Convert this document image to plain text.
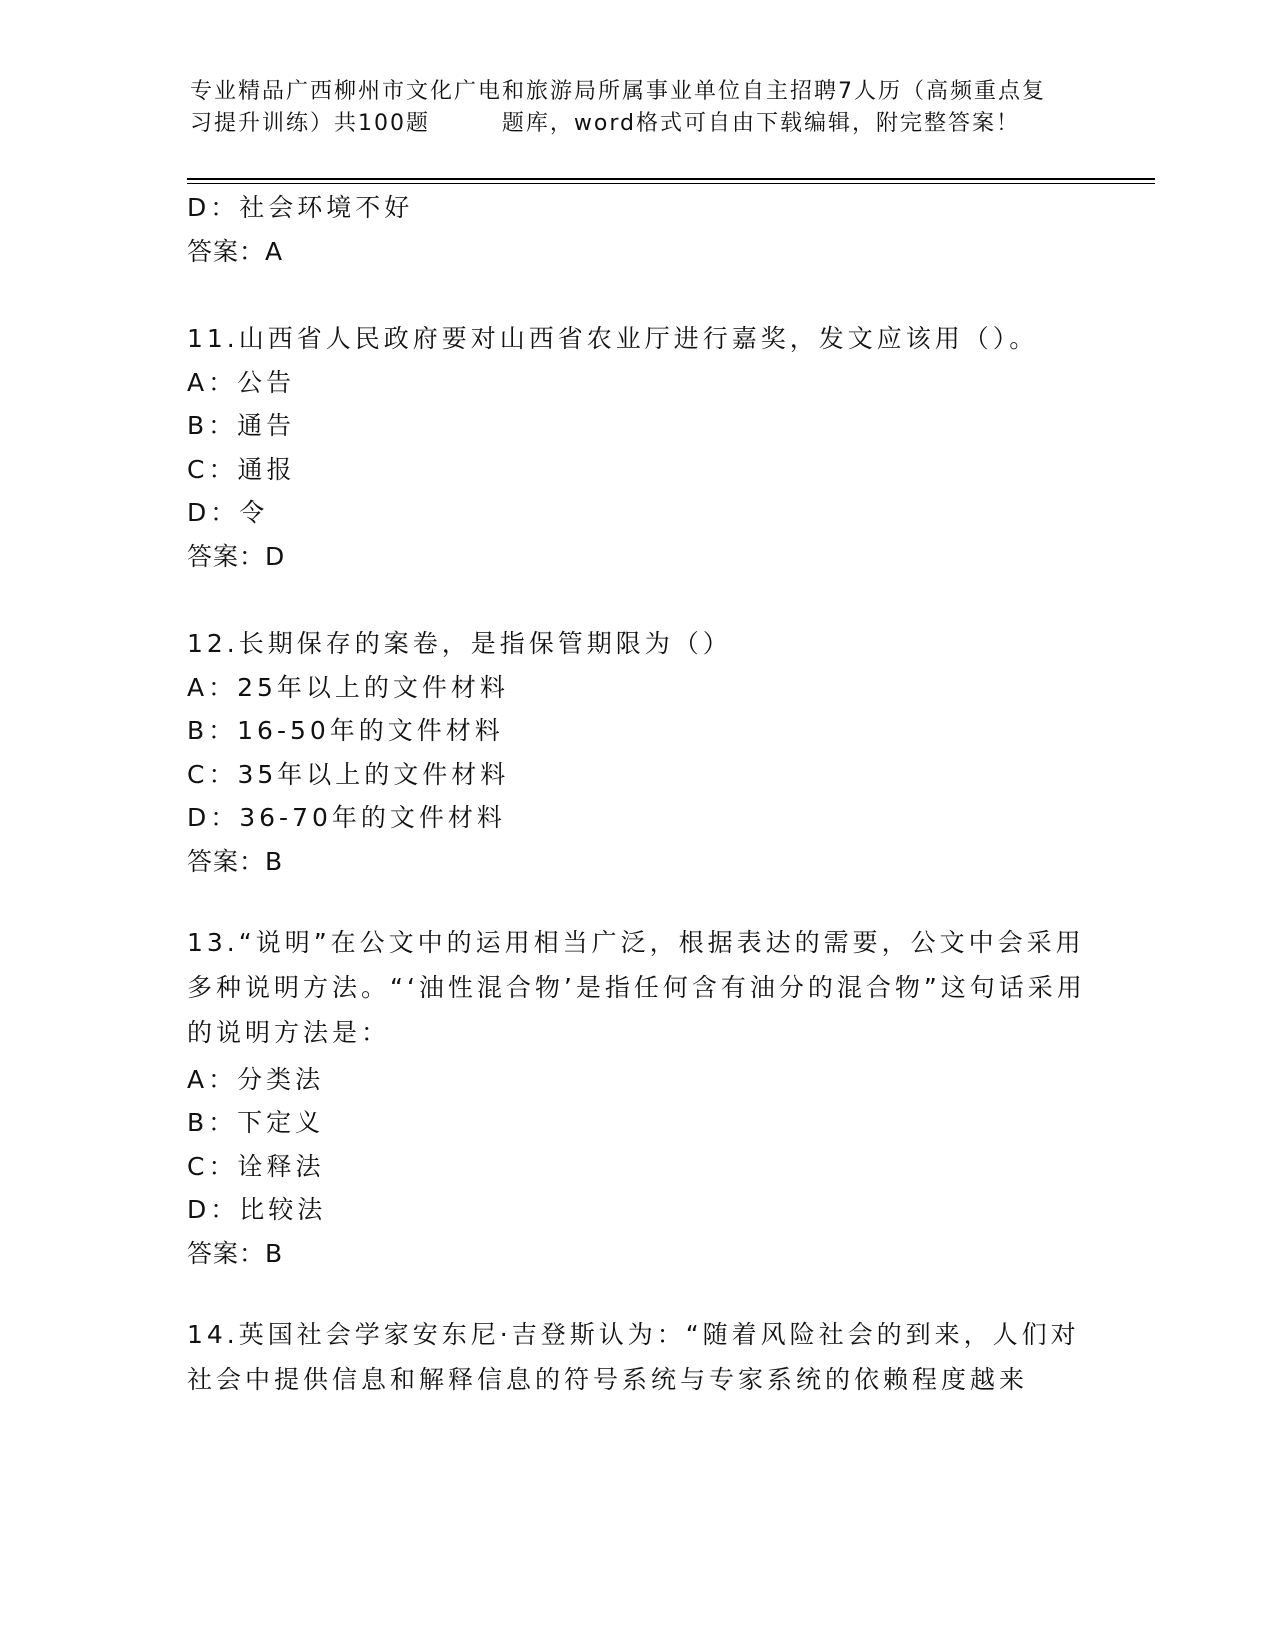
专业精品广西柳州市文化广电和旅游局所属事业单位自主招聘7人历（高频重点复
习提升训练）共100题        题库，word格式可自由下载编辑，附完整答案！
D：社会环境不好
答案：A
11.山西省人民政府要对山西省农业厅进行嘉奖，发文应该用（）。
A：公告
B：通告
C：通报
D：令
答案：D
12.长期保存的案卷，是指保管期限为（）
A：25年以上的文件材料
B：16-50年的文件材料
C：35年以上的文件材料
D：36-70年的文件材料
答案：B
13.“说明”在公文中的运用相当广泛，根据表达的需要，公文中会采用多种说明方法。“‘油性混合物’是指任何含有油分的混合物”这句话采用的说明方法是：
A：分类法
B：下定义
C：诠释法
D：比较法
答案：B
14.英国社会学家安东尼·吉登斯认为：“随着风险社会的到来，人们对社会中提供信息和解释信息的符号系统与专家系统的依赖程度越来
